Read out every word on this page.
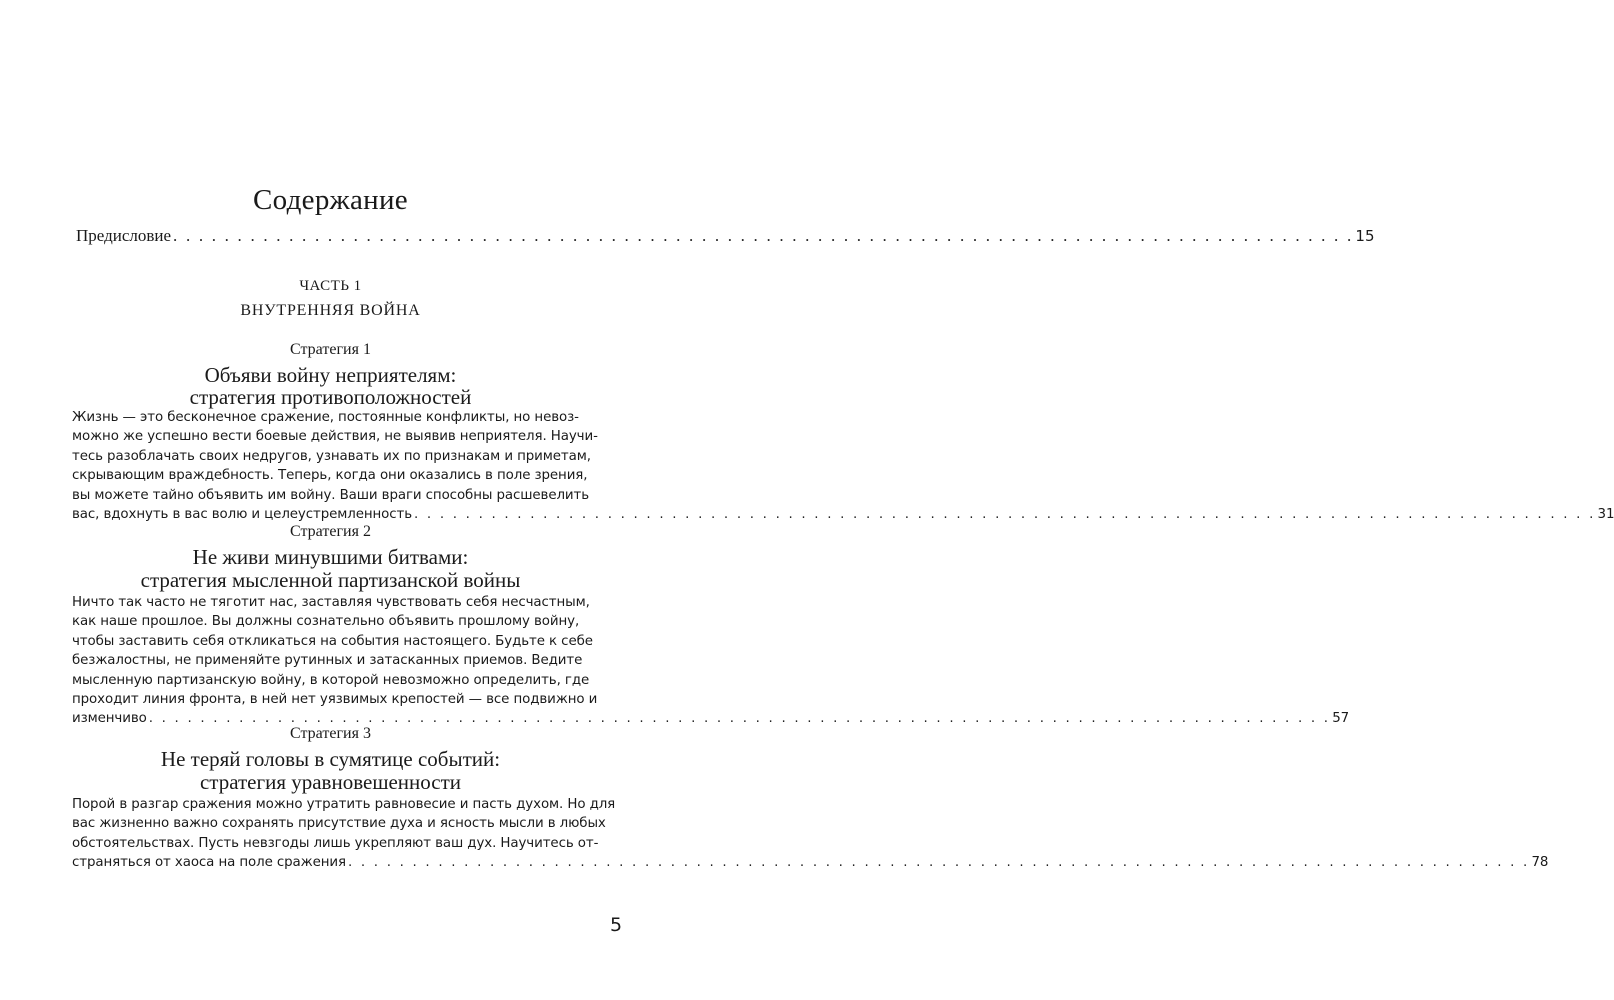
Содержание
Предисловие . . . . . . . . . . . . . . . . . . . . . . . . . . . . . . . . . . . . . . . . . . . . . . . . . . . . . . . . . . . . . . . . . . . . . . . . . . . . . . . . . . . . . . . . . . . . 15
ЧАСТЬ 1
ВНУТРЕННЯЯ ВОЙНА
Стратегия 1
Объяви войну неприятелям:
стратегия противоположностей
Жизнь — это бесконечное сражение, постоянные конфликты, но невоз-
можно же успешно вести боевые действия, не выявив неприятеля. Научи-
тесь разоблачать своих недругов, узнавать их по признакам и приметам,
скрывающим враждебность. Теперь, когда они оказались в поле зрения,
вы можете тайно объявить им войну. Ваши враги способны расшевелить
вас, вдохнуть в вас волю и целеустремленность . . . . . . . . . . . . . . . . . . . . . . . . . . . . . . . . . . . . . . . . . . . . . . . . . . . . . . . . . . . . . . . . . . . . . . . . . . . . . . . . . . . . . . . . . . . . 31
Стратегия 2
Не живи минувшими битвами:
стратегия мысленной партизанской войны
Ничто так часто не тяготит нас, заставляя чувствовать себя несчастным,
как наше прошлое. Вы должны сознательно объявить прошлому войну,
чтобы заставить себя откликаться на события настоящего. Будьте к себе
безжалостны, не применяйте рутинных и затасканных приемов. Ведите
мысленную партизанскую войну, в которой невозможно определить, где
проходит линия фронта, в ней нет уязвимых крепостей — все подвижно и
изменчиво . . . . . . . . . . . . . . . . . . . . . . . . . . . . . . . . . . . . . . . . . . . . . . . . . . . . . . . . . . . . . . . . . . . . . . . . . . . . . . . . . . . . . . . . . . . . 57
Стратегия 3
Не теряй головы в сумятице событий:
стратегия уравновешенности
Порой в разгар сражения можно утратить равновесие и пасть духом. Но для
вас жизненно важно сохранять присутствие духа и ясность мысли в любых
обстоятельствах. Пусть невзгоды лишь укрепляют ваш дух. Научитесь от-
страняться от хаоса на поле сражения . . . . . . . . . . . . . . . . . . . . . . . . . . . . . . . . . . . . . . . . . . . . . . . . . . . . . . . . . . . . . . . . . . . . . . . . . . . . . . . . . . . . . . . . . . . . 78
5
